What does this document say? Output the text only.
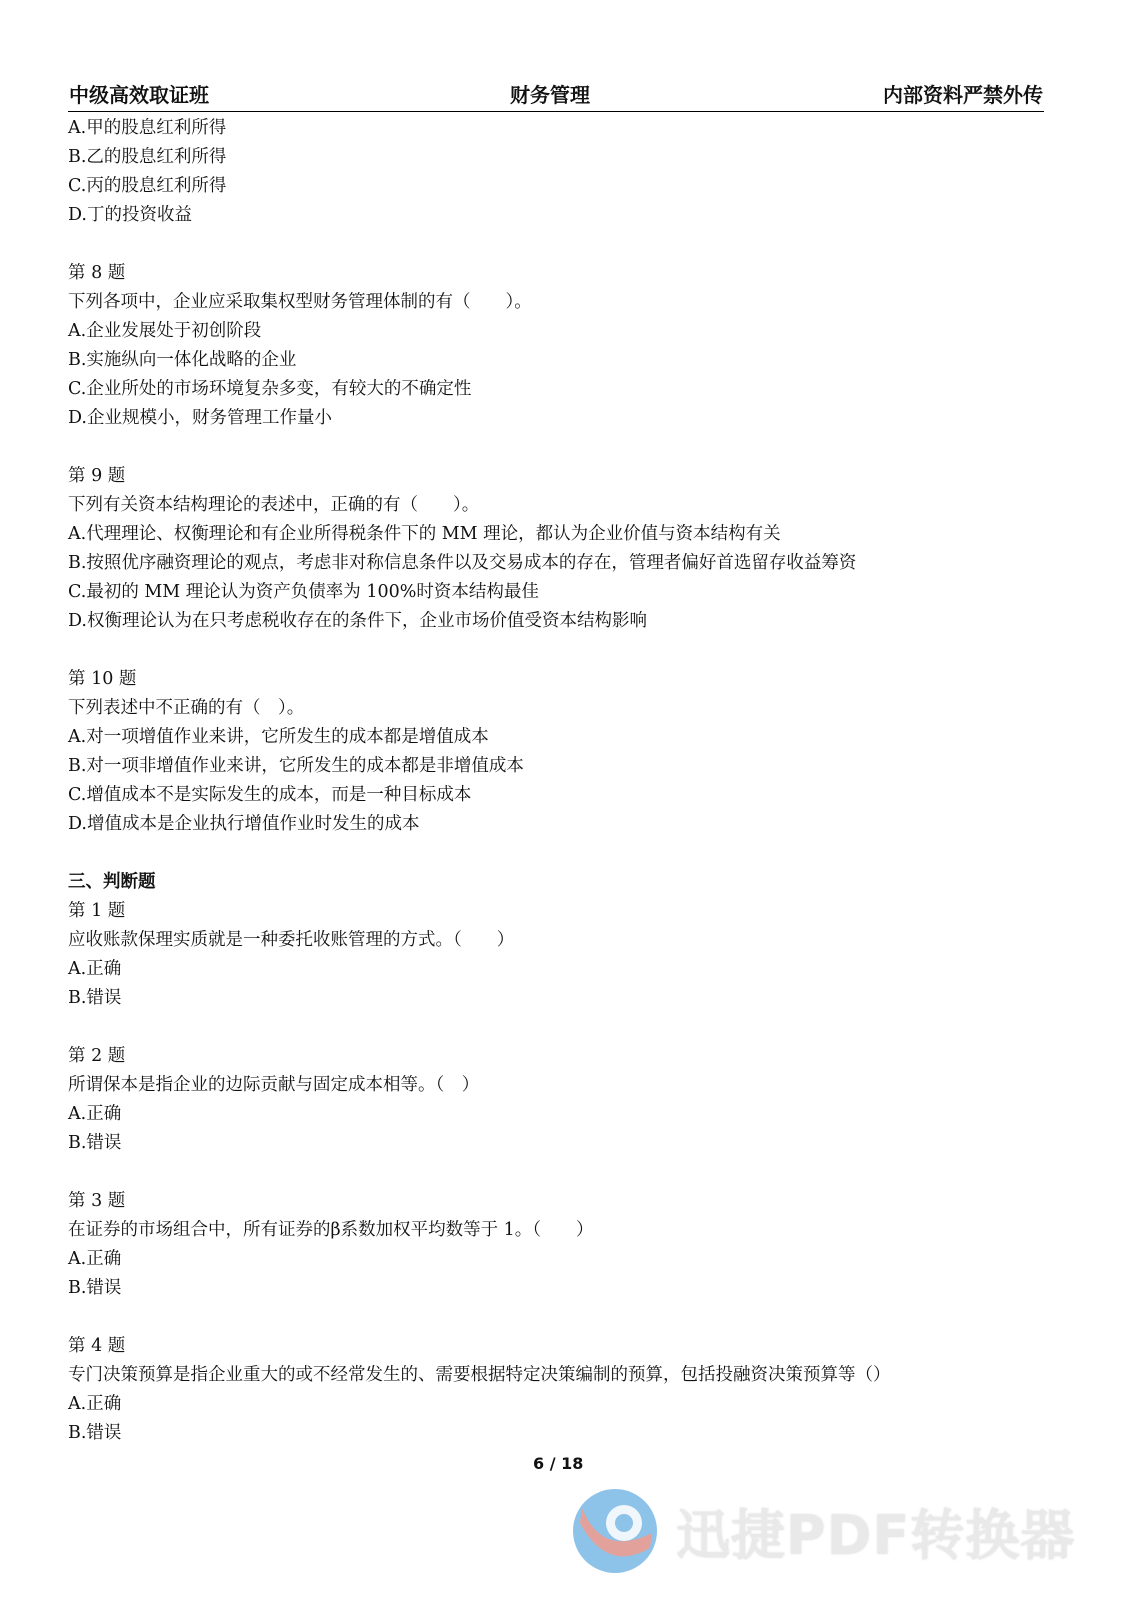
中级高效取证班	财务管理	内部资料严禁外传
A.甲的股息红利所得
B.乙的股息红利所得
C.丙的股息红利所得
D.丁的投资收益
第 8 题
下列各项中，企业应采取集权型财务管理体制的有（　　）。
A.企业发展处于初创阶段
B.实施纵向一体化战略的企业
C.企业所处的市场环境复杂多变，有较大的不确定性
D.企业规模小，财务管理工作量小
第 9 题
下列有关资本结构理论的表述中，正确的有（　　）。
A.代理理论、权衡理论和有企业所得税条件下的 MM 理论，都认为企业价值与资本结构有关
B.按照优序融资理论的观点，考虑非对称信息条件以及交易成本的存在，管理者偏好首选留存收益筹资
C.最初的 MM 理论认为资产负债率为 100%时资本结构最佳
D.权衡理论认为在只考虑税收存在的条件下，企业市场价值受资本结构影响
第 10 题
下列表述中不正确的有（　）。
A.对一项增值作业来讲，它所发生的成本都是增值成本
B.对一项非增值作业来讲，它所发生的成本都是非增值成本
C.增值成本不是实际发生的成本，而是一种目标成本
D.增值成本是企业执行增值作业时发生的成本
三、判断题
第 1 题
应收账款保理实质就是一种委托收账管理的方式。（　　）
A.正确
B.错误
第 2 题
所谓保本是指企业的边际贡献与固定成本相等。（　）
A.正确
B.错误
第 3 题
在证券的市场组合中，所有证券的β系数加权平均数等于 1。（　　）
A.正确
B.错误
第 4 题
专门决策预算是指企业重大的或不经常发生的、需要根据特定决策编制的预算，包括投融资决策预算等（）
A.正确
B.错误
6 / 18
迅捷PDF转换器
